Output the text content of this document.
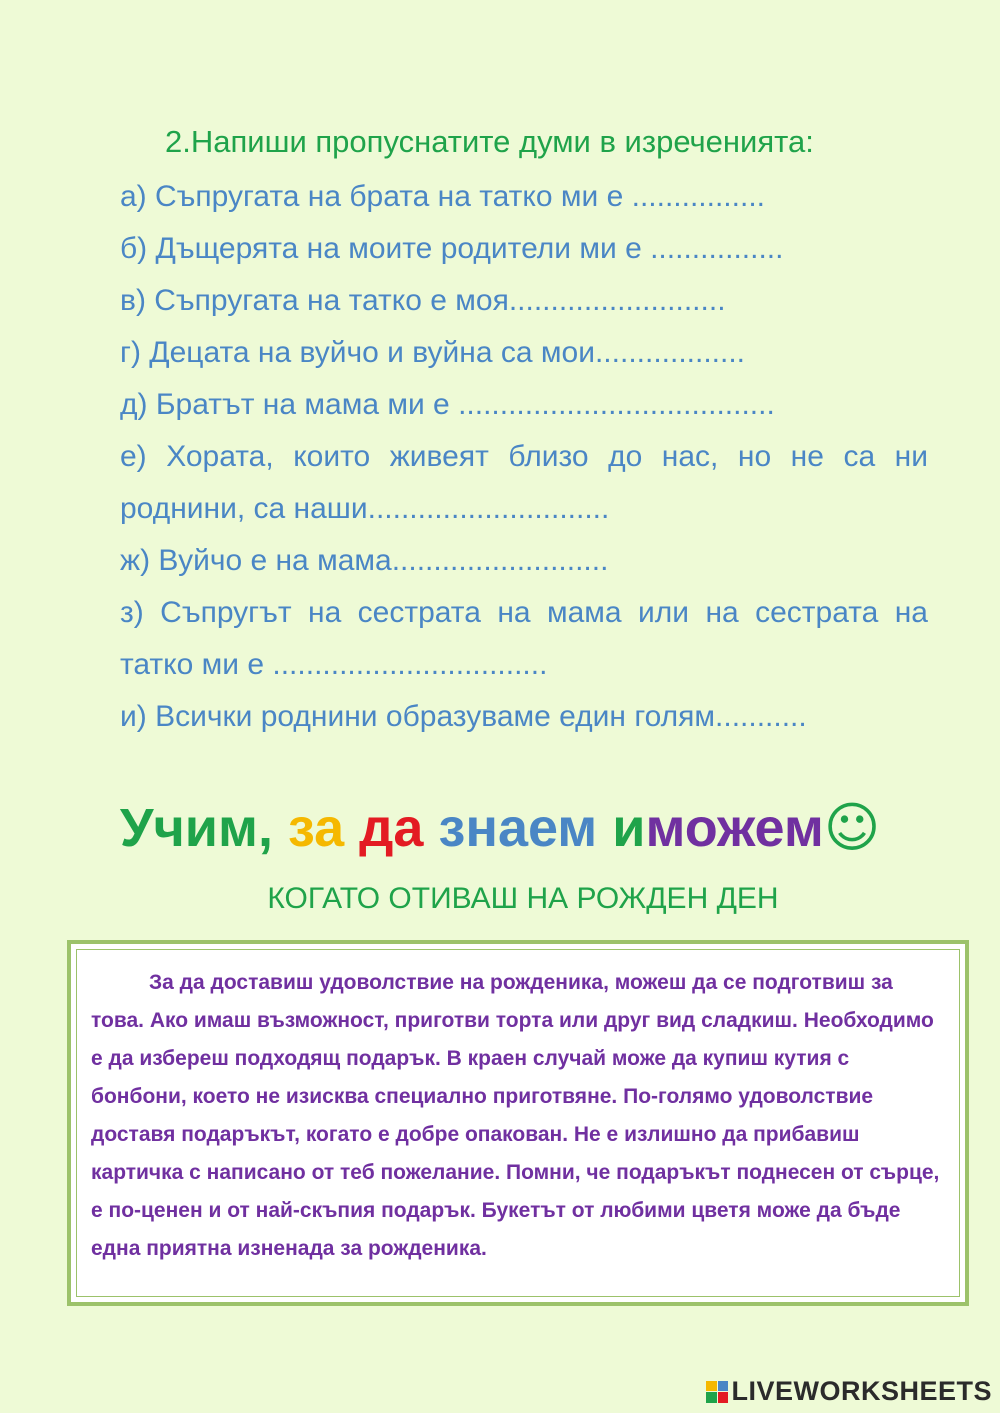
2.Напиши пропуснатите думи в изреченията:
а) Съпругата на брата на татко ми е ................
б) Дъщерята на моите родители ми е ................
в) Съпругата на татко е моя..........................
г) Децата на вуйчо и вуйна са мои..................
д) Братът на мама ми е ......................................
е) Хората, които живеят близо до нас, но не са ни роднини, са наши.............................
ж) Вуйчо е на мама..........................
з) Съпругът на сестрата на мама или на сестрата на татко ми е .................................
и) Всички роднини образуваме един голям...........
Учим, за да знаем иможем☺
КОГАТО ОТИВАШ НА РОЖДЕН ДЕН

За да доставиш удоволствие на рожденика, можеш да се подготвиш за това. Ако имаш възможност, приготви торта или друг вид сладкиш. Необходимо е да избереш подходящ подарък. В краен случай може да купиш кутия с бонбони, което не изисква специално приготвяне. По-голямо удоволствие доставя подаръкът, когато е добре опакован. Не е излишно да прибавиш картичка с написано от теб пожелание. Помни, че подаръкът поднесен от сърце, е по-ценен и от най-скъпия подарък. Букетът от любими цветя може да бъде една приятна изненада за рожденика.

LIVEWORKSHEETS
